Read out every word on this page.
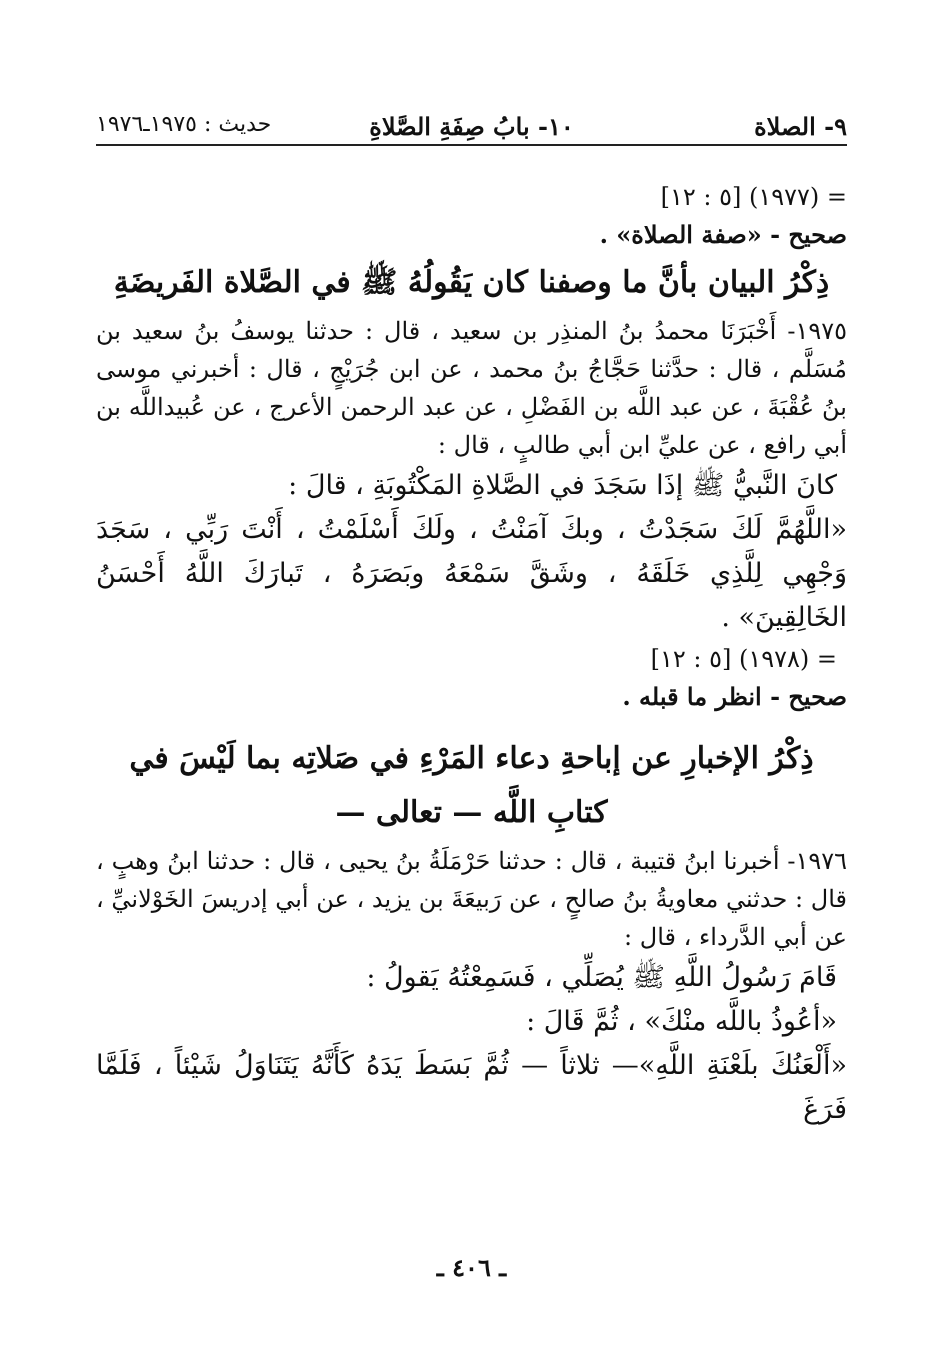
٩- الصلاة
١٠- بابُ صِفَةِ الصَّلاةِ
حديث : ١٩٧٥ـ١٩٧٦

= (١٩٧٧) [٥ : ١٢]

صحيح - «صفة الصلاة» .

ذِكْرُ البيان بأنَّ ما وصفنا كان يَقُولُهُ ﷺ في الصَّلاة الفَريضَةِ

١٩٧٥- أَخْبَرَنَا محمدُ بنُ المنذِر بن سعيد ، قال : حدثنا يوسفُ بنُ سعيد بن مُسَلَّم ، قال : حدَّثنا حَجَّاجُ بنُ محمد ، عن ابن جُرَيْجٍ ، قال : أخبرني موسى بنُ عُقْبَةَ ، عن عبد اللَّه بن الفَضْلِ ، عن عبد الرحمن الأعرج ، عن عُبيداللَّه بن أبي رافع ، عن عليِّ ابن أبي طالبٍ ، قال :

كانَ النَّبيُّ ﷺ إذَا سَجَدَ في الصَّلاةِ المَكْتُوبَةِ ، قالَ :

«اللَّهُمَّ لَكَ سَجَدْتُ ، وبكَ آمَنْتُ ، ولَكَ أَسْلَمْتُ ، أَنْتَ رَبِّي ، سَجَدَ وَجْهِي لِلَّذِي خَلَقَهُ ، وشَقَّ سَمْعَهُ وبَصَرَهُ ، تَبارَكَ اللَّهُ أَحْسَنُ الخَالِقِينَ» .

= (١٩٧٨) [٥ : ١٢]

صحيح - انظر ما قبله .

ذِكْرُ الإخبارِ عن إباحةِ دعاء المَرْءِ في صَلاتِه بما لَيْسَ في

كتابِ اللَّه — تعالى —

١٩٧٦- أخبرنا ابنُ قتيبة ، قال : حدثنا حَرْمَلَةُ بنُ يحيى ، قال : حدثنا ابنُ وهبٍ ، قال : حدثني معاويةُ بنُ صالحٍ ، عن رَبيعَةَ بن يزيد ، عن أبي إدريسَ الخَوْلانيِّ ، عن أبي الدَّرداء ، قال :

قَامَ رَسُولُ اللَّهِ ﷺ يُصَلِّي ، فَسَمِعْتُهُ يَقولُ :

«أعُوذُ باللَّه منْكَ» ، ثُمَّ قَالَ :

«أَلْعَنُكَ بلَعْنَةِ اللَّهِ»— ثلاثاً — ثُمَّ بَسَطَ يَدَهُ كَأَنَّهُ يَتَنَاوَلُ شَيْئاً ، فَلَمَّا فَرَغَ

ـ ٤٠٦ ـ
